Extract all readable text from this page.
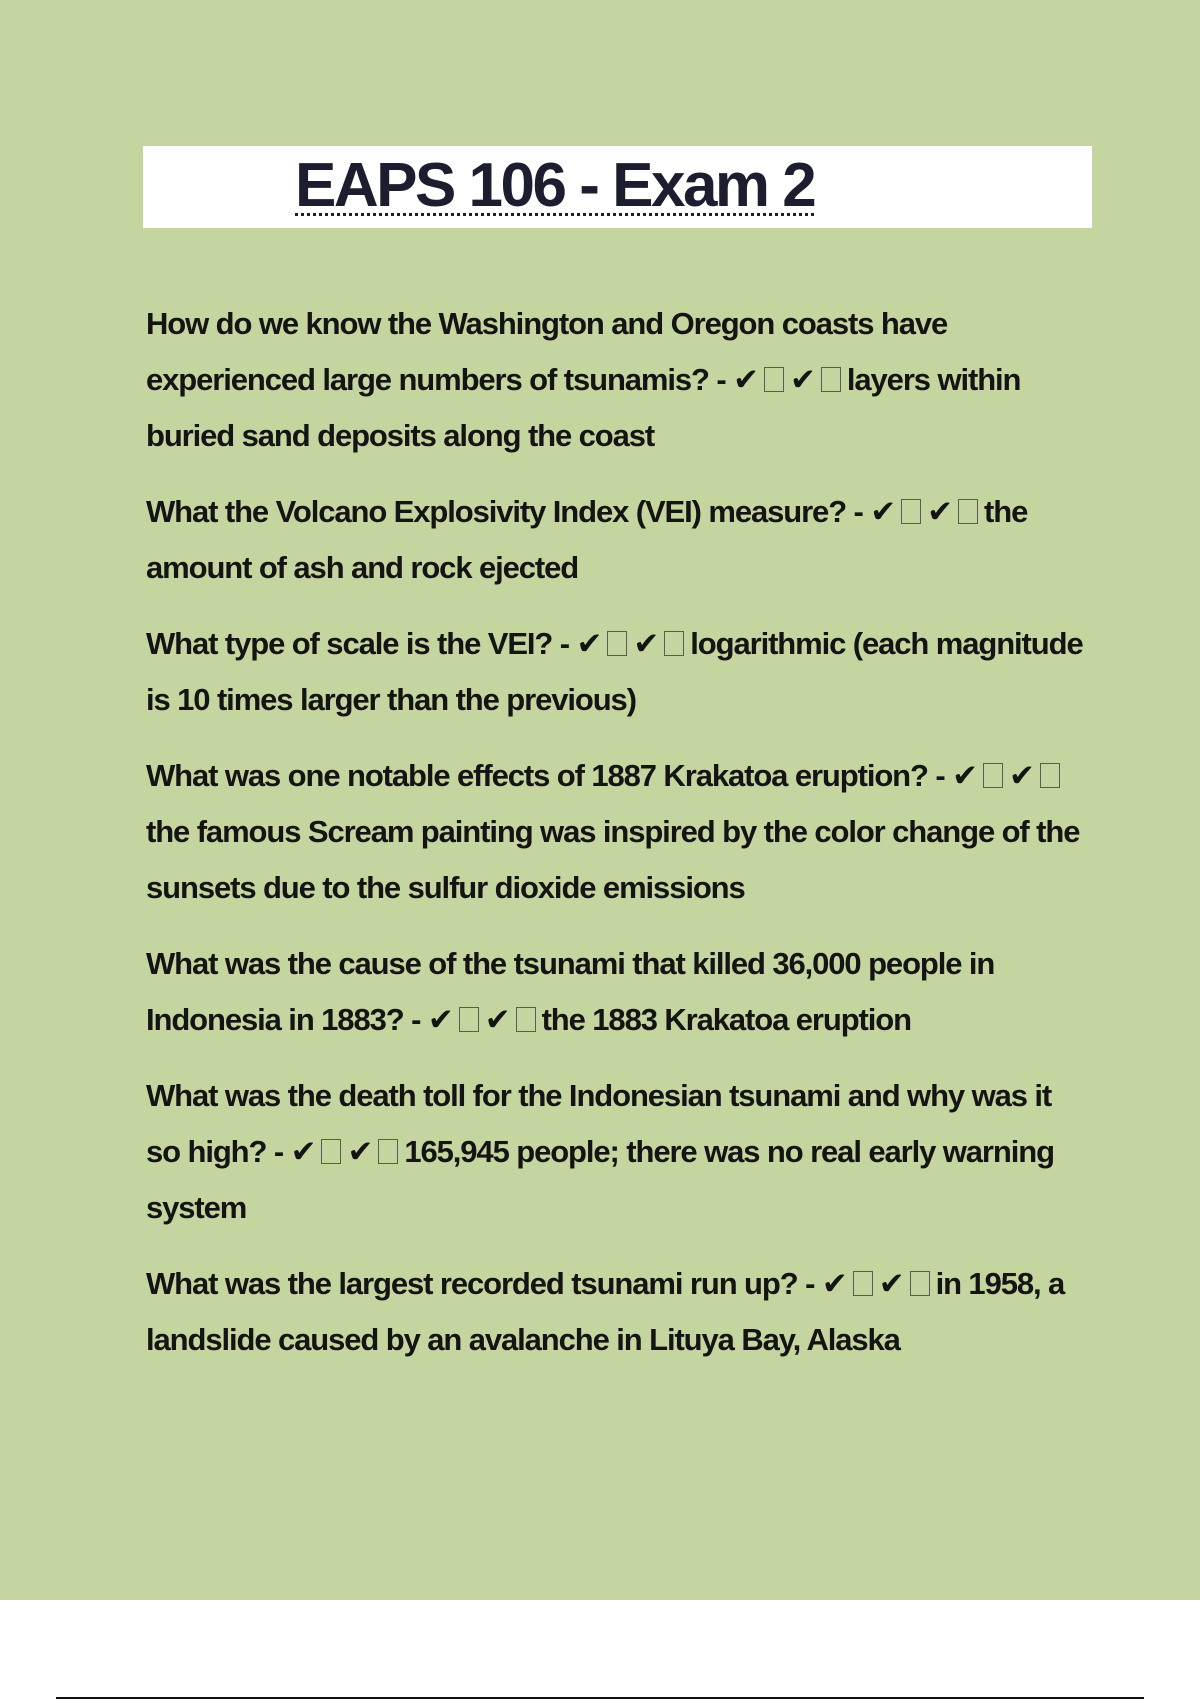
EAPS 106 - Exam 2

How do we know the Washington and Oregon coasts have experienced large numbers of tsunamis? - ✔ ✔ layers within buried sand deposits along the coast

What the Volcano Explosivity Index (VEI) measure? - ✔ ✔ the amount of ash and rock ejected

What type of scale is the VEI? - ✔ ✔ logarithmic (each magnitude is 10 times larger than the previous)

What was one notable effects of 1887 Krakatoa eruption? - ✔ ✔the famous Scream painting was inspired by the color change of the sunsets due to the sulfur dioxide emissions

What was the cause of the tsunami that killed 36,000 people in Indonesia in 1883? - ✔ ✔ the 1883 Krakatoa eruption

What was the death toll for the Indonesian tsunami and why was it so high? - ✔ ✔ 165,945 people; there was no real early warning system

What was the largest recorded tsunami run up? - ✔ ✔ in 1958, a landslide caused by an avalanche in Lituya Bay, Alaska
